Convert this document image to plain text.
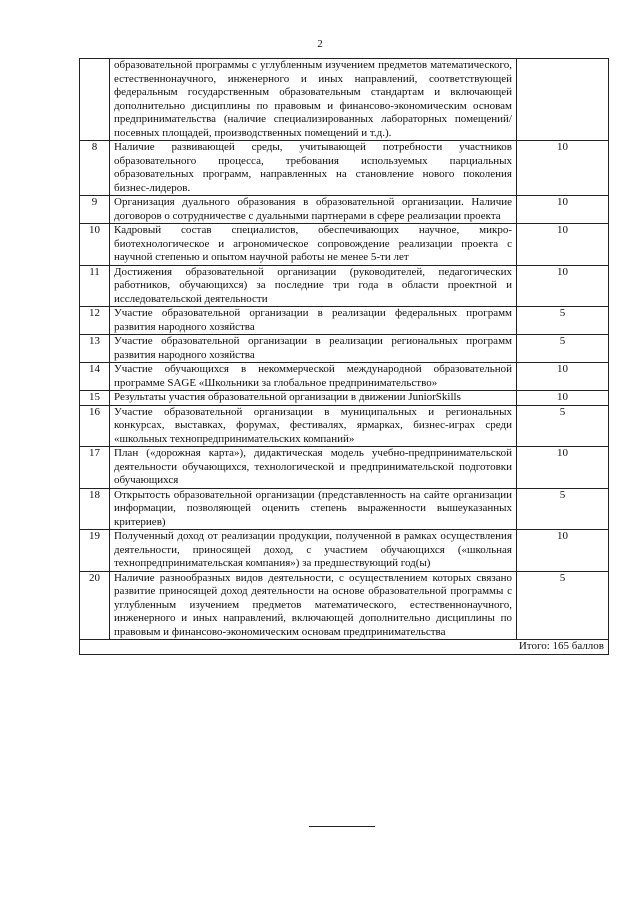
2
	образовательной программы с углубленным изучением предметов математического, естественнонаучного, инженерного и иных направлений, соответствующей федеральным государственным образовательным стандартам и включающей дополнительно дисциплины по правовым и финансово-экономическим основам предпринимательства (наличие специализированных лабораторных помещений/посевных площадей, производственных помещений и т.д.).	
8	Наличие развивающей среды, учитывающей потребности участников образовательного процесса, требования используемых парциальных образовательных программ, направленных на становление нового поколения бизнес-лидеров.	10
9	Организация дуального образования в образовательной организации. Наличие договоров о сотрудничестве с дуальными партнерами в сфере реализации проекта	10
10	Кадровый состав специалистов, обеспечивающих научное, микро-биотехнологическое и агрономическое сопровождение реализации проекта с научной степенью и опытом научной работы не менее 5-ти лет	10
11	Достижения образовательной организации (руководителей, педагогических работников, обучающихся) за последние три года в области проектной и исследовательской деятельности	10
12	Участие образовательной организации в реализации федеральных программ развития народного хозяйства	5
13	Участие образовательной организации в реализации региональных программ развития народного хозяйства	5
14	Участие обучающихся в некоммерческой международной образовательной программе SAGE «Школьники за глобальное предпринимательство»	10
15	Результаты участия образовательной организации в движении JuniorSkills	10
16	Участие образовательной организации в муниципальных и региональных конкурсах, выставках, форумах, фестивалях, ярмарках, бизнес-играх среди «школьных технопредпринимательских компаний»	5
17	План («дорожная карта»), дидактическая модель учебно-предпринимательской деятельности обучающихся, технологической и предпринимательской подготовки обучающихся	10
18	Открытость образовательной организации (представленность на сайте организации информации, позволяющей оценить степень выраженности вышеуказанных критериев)	5
19	Полученный доход от реализации продукции, полученной в рамках осуществления деятельности, приносящей доход, с участием обучающихся («школьная технопредпринимательская компания») за предшествующий год(ы)	10
20	Наличие разнообразных видов деятельности, с осуществлением которых связано развитие приносящей доход деятельности на основе образовательной программы с углубленным изучением предметов математического, естественнонаучного, инженерного и иных направлений, включающей дополнительно дисциплины по правовым и финансово-экономическим основам предпринимательства	5
Итого: 165 баллов		
